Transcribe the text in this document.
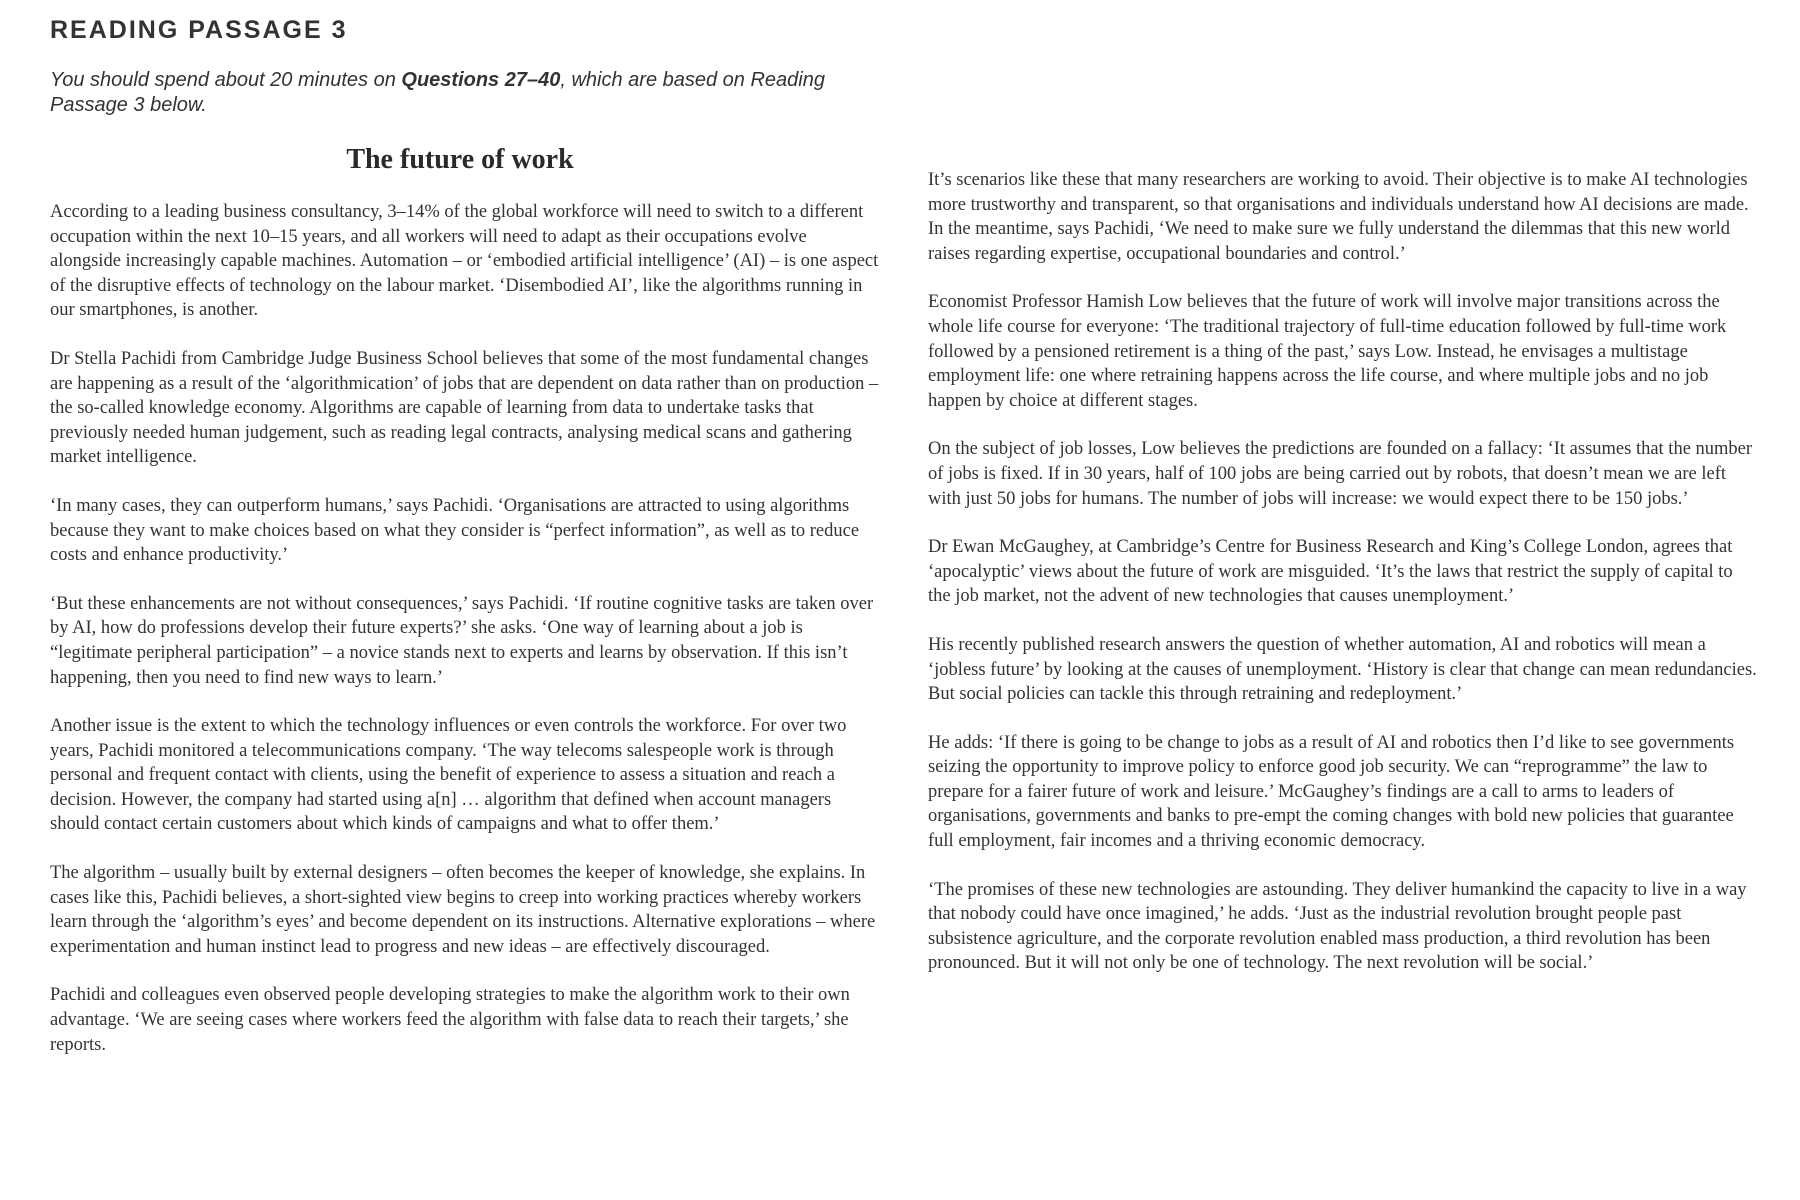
READING PASSAGE 3

You should spend about 20 minutes on Questions 27–40, which are based on Reading Passage 3 below.

The future of work

According to a leading business consultancy, 3–14% of the global workforce will need to switch to a different occupation within the next 10–15 years, and all workers will need to adapt as their occupations evolve alongside increasingly capable machines. Automation – or ‘embodied artificial intelligence’ (AI) – is one aspect of the disruptive effects of technology on the labour market. ‘Disembodied AI’, like the algorithms running in our smartphones, is another.

Dr Stella Pachidi from Cambridge Judge Business School believes that some of the most fundamental changes are happening as a result of the ‘algorithmication’ of jobs that are dependent on data rather than on production – the so-called knowledge economy. Algorithms are capable of learning from data to undertake tasks that previously needed human judgement, such as reading legal contracts, analysing medical scans and gathering market intelligence.

‘In many cases, they can outperform humans,’ says Pachidi. ‘Organisations are attracted to using algorithms because they want to make choices based on what they consider is “perfect information”, as well as to reduce costs and enhance productivity.’

‘But these enhancements are not without consequences,’ says Pachidi. ‘If routine cognitive tasks are taken over by AI, how do professions develop their future experts?’ she asks. ‘One way of learning about a job is “legitimate peripheral participation” – a novice stands next to experts and learns by observation. If this isn’t happening, then you need to find new ways to learn.’

Another issue is the extent to which the technology influences or even controls the workforce. For over two years, Pachidi monitored a telecommunications company. ‘The way telecoms salespeople work is through personal and frequent contact with clients, using the benefit of experience to assess a situation and reach a decision. However, the company had started using a[n] … algorithm that defined when account managers should contact certain customers about which kinds of campaigns and what to offer them.’

The algorithm – usually built by external designers – often becomes the keeper of knowledge, she explains. In cases like this, Pachidi believes, a short-sighted view begins to creep into working practices whereby workers learn through the ‘algorithm’s eyes’ and become dependent on its instructions. Alternative explorations – where experimentation and human instinct lead to progress and new ideas – are effectively discouraged.

Pachidi and colleagues even observed people developing strategies to make the algorithm work to their own advantage. ‘We are seeing cases where workers feed the algorithm with false data to reach their targets,’ she reports.

It’s scenarios like these that many researchers are working to avoid. Their objective is to make AI technologies more trustworthy and transparent, so that organisations and individuals understand how AI decisions are made. In the meantime, says Pachidi, ‘We need to make sure we fully understand the dilemmas that this new world raises regarding expertise, occupational boundaries and control.’

Economist Professor Hamish Low believes that the future of work will involve major transitions across the whole life course for everyone: ‘The traditional trajectory of full-time education followed by full-time work followed by a pensioned retirement is a thing of the past,’ says Low. Instead, he envisages a multistage employment life: one where retraining happens across the life course, and where multiple jobs and no job happen by choice at different stages.

On the subject of job losses, Low believes the predictions are founded on a fallacy: ‘It assumes that the number of jobs is fixed. If in 30 years, half of 100 jobs are being carried out by robots, that doesn’t mean we are left with just 50 jobs for humans. The number of jobs will increase: we would expect there to be 150 jobs.’

Dr Ewan McGaughey, at Cambridge’s Centre for Business Research and King’s College London, agrees that ‘apocalyptic’ views about the future of work are misguided. ‘It’s the laws that restrict the supply of capital to the job market, not the advent of new technologies that causes unemployment.’

His recently published research answers the question of whether automation, AI and robotics will mean a ‘jobless future’ by looking at the causes of unemployment. ‘History is clear that change can mean redundancies. But social policies can tackle this through retraining and redeployment.’

He adds: ‘If there is going to be change to jobs as a result of AI and robotics then I’d like to see governments seizing the opportunity to improve policy to enforce good job security. We can “reprogramme” the law to prepare for a fairer future of work and leisure.’ McGaughey’s findings are a call to arms to leaders of organisations, governments and banks to pre-empt the coming changes with bold new policies that guarantee full employment, fair incomes and a thriving economic democracy.

‘The promises of these new technologies are astounding. They deliver humankind the capacity to live in a way that nobody could have once imagined,’ he adds. ‘Just as the industrial revolution brought people past subsistence agriculture, and the corporate revolution enabled mass production, a third revolution has been pronounced. But it will not only be one of technology. The next revolution will be social.’
